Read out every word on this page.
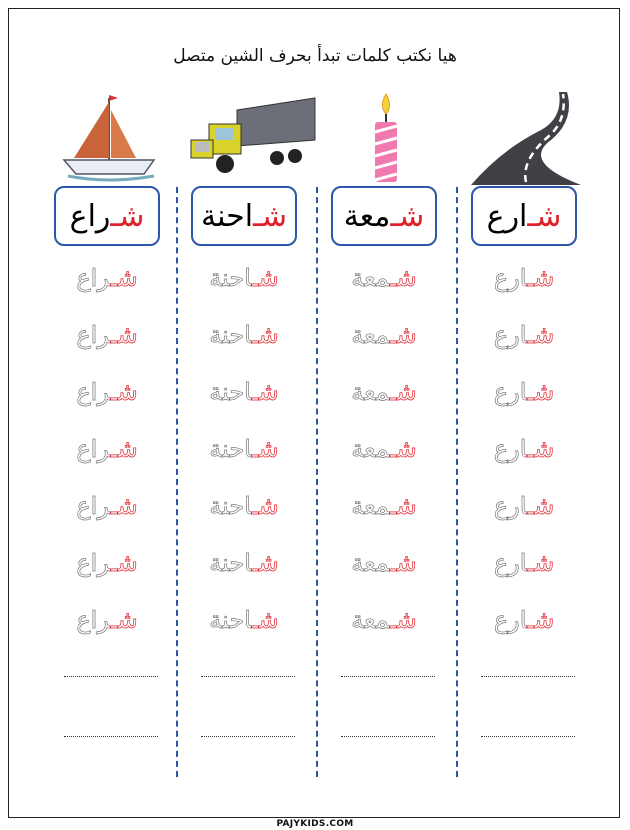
هيا نكتب كلمات تبدأ بحرف الشين متصل
شـ
راع
شـراع
شـراع
شـراع
شـراع
شـراع
شـراع
شـراع
شـ
احنة
شـاحنة
شـاحنة
شـاحنة
شـاحنة
شـاحنة
شـاحنة
شـاحنة
شـ
معة
شـمعة
شـمعة
شـمعة
شـمعة
شـمعة
شـمعة
شـمعة
شـ
ارع
شـارع
شـارع
شـارع
شـارع
شـارع
شـارع
شـارع
PAJYKIDS.COM
